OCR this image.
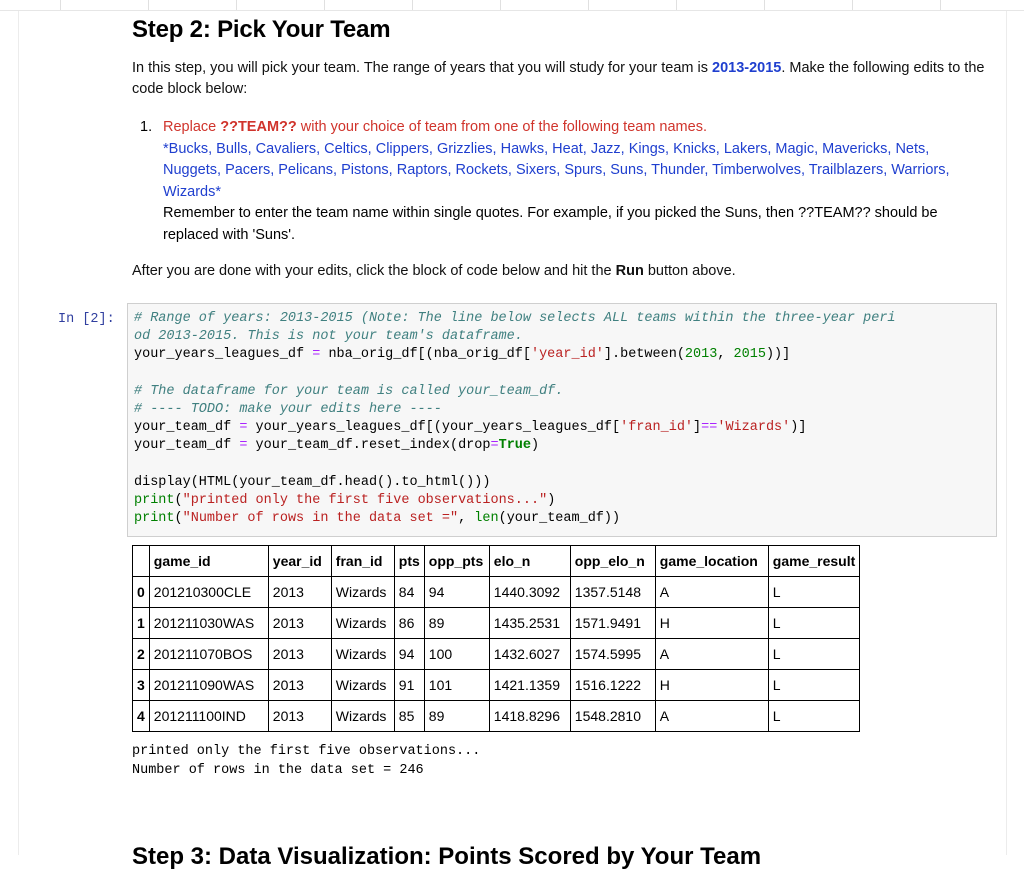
Step 2: Pick Your Team
In this step, you will pick your team. The range of years that you will study for your team is 2013-2015. Make the following edits to the code block below:
1. Replace ??TEAM?? with your choice of team from one of the following team names.
*Bucks, Bulls, Cavaliers, Celtics, Clippers, Grizzlies, Hawks, Heat, Jazz, Kings, Knicks, Lakers, Magic, Mavericks, Nets, Nuggets, Pacers, Pelicans, Pistons, Raptors, Rockets, Sixers, Spurs, Suns, Thunder, Timberwolves, Trailblazers, Warriors, Wizards*
Remember to enter the team name within single quotes. For example, if you picked the Suns, then ??TEAM?? should be replaced with 'Suns'.
After you are done with your edits, click the block of code below and hit the Run button above.
In [2]: # Range of years: 2013-2015 (Note: The line below selects ALL teams within the three-year peri
od 2013-2015. This is not your team's dataframe.
your_years_leagues_df = nba_orig_df[(nba_orig_df['year_id'].between(2013, 2015))]

# The dataframe for your team is called your_team_df.
# ---- TODO: make your edits here ----
your_team_df = your_years_leagues_df[(your_years_leagues_df['fran_id']=='Wizards')]
your_team_df = your_team_df.reset_index(drop=True)

display(HTML(your_team_df.head().to_html()))
print("printed only the first five observations...")
print("Number of rows in the data set =", len(your_team_df))
	game_id	year_id	fran_id	pts	opp_pts	elo_n	opp_elo_n	game_location	game_result
0	201210300CLE	2013	Wizards	84	94	1440.3092	1357.5148	A	L
1	201211030WAS	2013	Wizards	86	89	1435.2531	1571.9491	H	L
2	201211070BOS	2013	Wizards	94	100	1432.6027	1574.5995	A	L
3	201211090WAS	2013	Wizards	91	101	1421.1359	1516.1222	H	L
4	201211100IND	2013	Wizards	85	89	1418.8296	1548.2810	A	L
printed only the first five observations...
Number of rows in the data set = 246
Step 3: Data Visualization: Points Scored by Your Team
